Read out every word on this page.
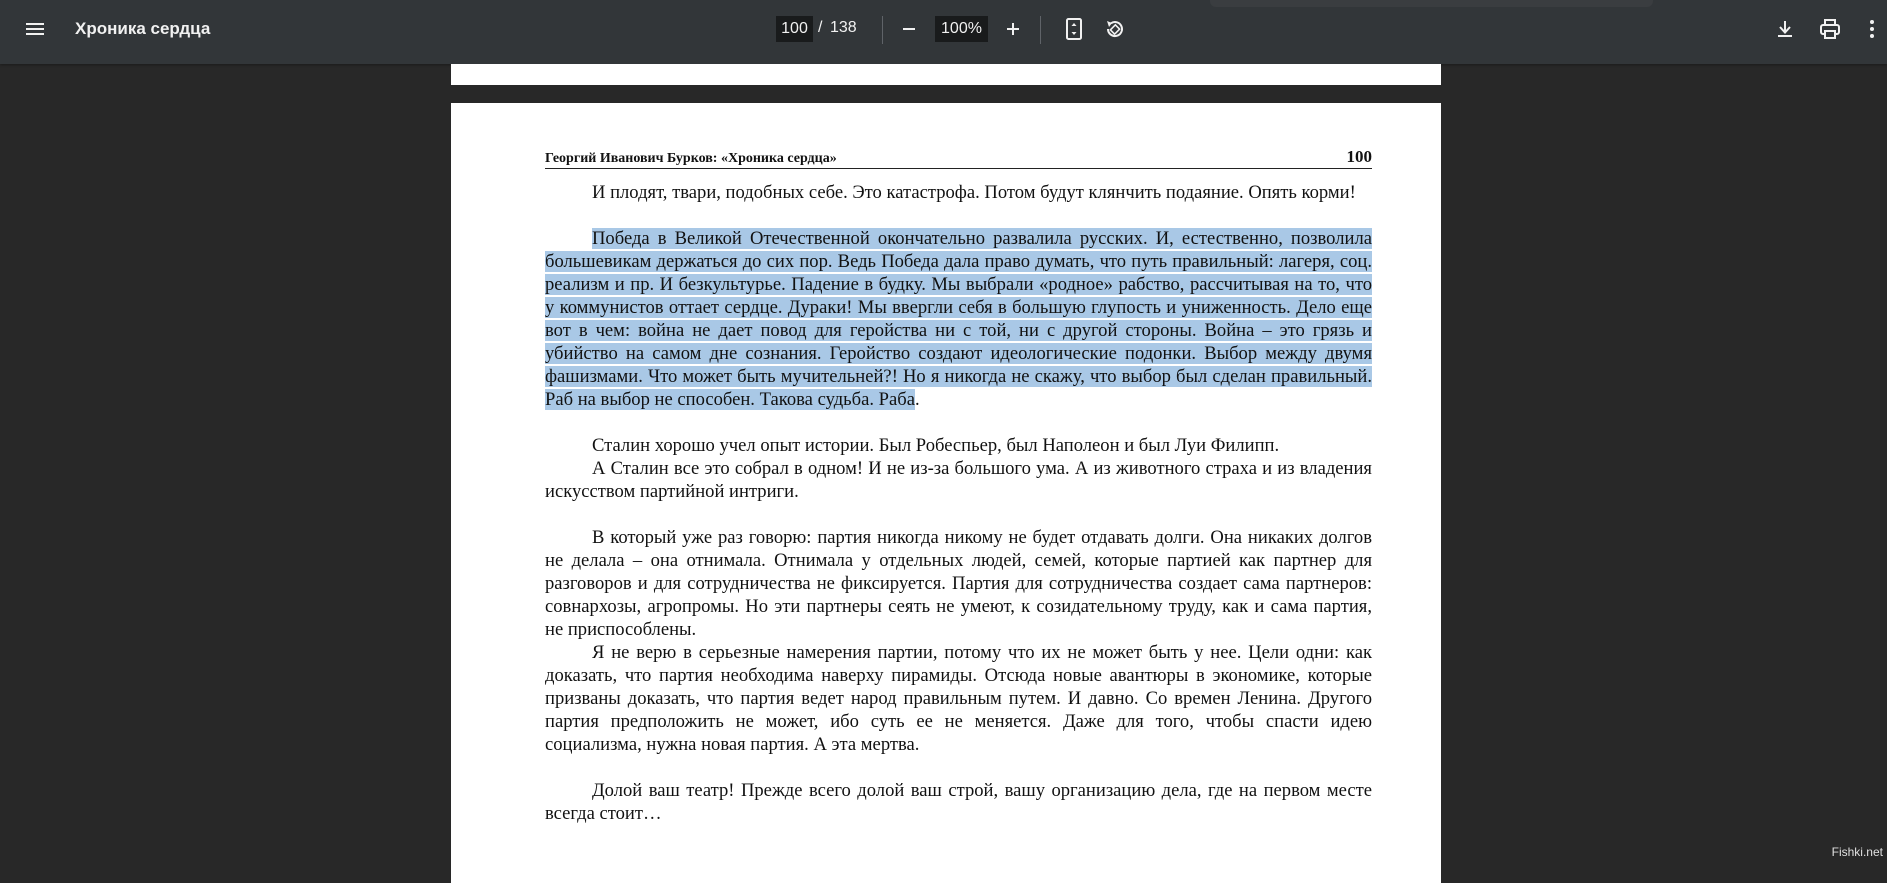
Хроника сердца
100	/ 138
100%
Георгий Иванович Бурков: «Хроника сердца»	100

И плодят, твари, подобных себе. Это катастрофа. Потом будут клянчить подаяние. Опять корми!

Победа в Великой Отечественной окончательно развалила русских. И, естественно, позволила большевикам держаться до сих пор. Ведь Победа дала право думать, что путь правильный: лагеря, соц. реализм и пр. И безкультурье. Падение в будку. Мы выбрали «родное» рабство, рассчитывая на то, что у коммунистов оттает сердце. Дураки! Мы ввергли себя в большую глупость и униженность. Дело еще вот в чем: война не дает повод для геройства ни с той, ни с другой стороны. Война – это грязь и убийство на самом дне сознания. Геройство создают идеологические подонки. Выбор между двумя фашизмами. Что может быть мучительней?! Но я никогда не скажу, что выбор был сделан правильный. Раб на выбор не способен. Такова судьба. Раба.

Сталин хорошо учел опыт истории. Был Робеспьер, был Наполеон и был Луи Филипп.

А Сталин все это собрал в одном! И не из-за большого ума. А из животного страха и из владения искусством партийной интриги.

В который уже раз говорю: партия никогда никому не будет отдавать долги. Она никаких долгов не делала – она отнимала. Отнимала у отдельных людей, семей, которые партией как партнер для разговоров и для сотрудничества не фиксируется. Партия для сотрудничества создает сама партнеров: совнархозы, агропромы. Но эти партнеры сеять не умеют, к созидательному труду, как и сама партия, не приспособлены.

Я не верю в серьезные намерения партии, потому что их не может быть у нее. Цели одни: как доказать, что партия необходима наверху пирамиды. Отсюда новые авантюры в экономике, которые призваны доказать, что партия ведет народ правильным путем. И давно. Со времен Ленина. Другого партия предположить не может, ибо суть ее не меняется. Даже для того, чтобы спасти идею социализма, нужна новая партия. А эта мертва.

Долой ваш театр! Прежде всего долой ваш строй, вашу организацию дела, где на первом месте всегда стоит…

Fishki.net
